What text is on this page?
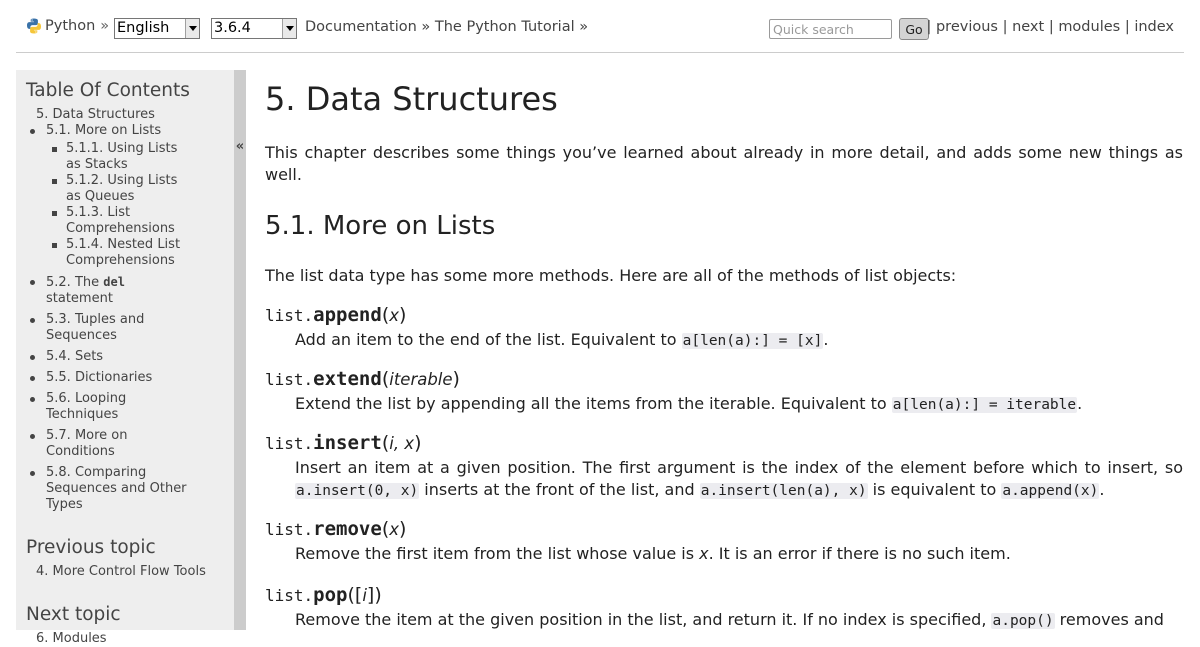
Python » English	3.6.4	Documentation » The Python Tutorial »
Quick search	Go | previous | next | modules | index
Table Of Contents
5. Data Structures
5.1. More on Lists
5.1.1. Using Lists as Stacks
5.1.2. Using Lists as Queues
5.1.3. List Comprehensions
5.1.4. Nested List Comprehensions
5.2. The del
statement
5.3. Tuples and Sequences
5.4. Sets
5.5. Dictionaries
5.6. Looping Techniques
5.7. More on Conditions
5.8. Comparing Sequences and Other Types
Previous topic
4. More Control Flow Tools
Next topic
6. Modules
«
5. Data Structures

This chapter describes some things you’ve learned about already in more detail, and adds some new things as well.

5.1. More on Lists

The list data type has some more methods. Here are all of the methods of list objects:

list.append(x)

Add an item to the end of the list. Equivalent to a[len(a):] = [x].

list.extend(iterable)

Extend the list by appending all the items from the iterable. Equivalent to a[len(a):] = iterable.

list.insert(i, x)

Insert an item at a given position. The first argument is the index of the element before which to insert, so a.insert(0, x) inserts at the front of the list, and a.insert(len(a), x) is equivalent to a.append(x).

list.remove(x)

Remove the first item from the list whose value is x. It is an error if there is no such item.

list.pop([i])

Remove the item at the given position in the list, and return it. If no index is specified, a.pop() removes and
